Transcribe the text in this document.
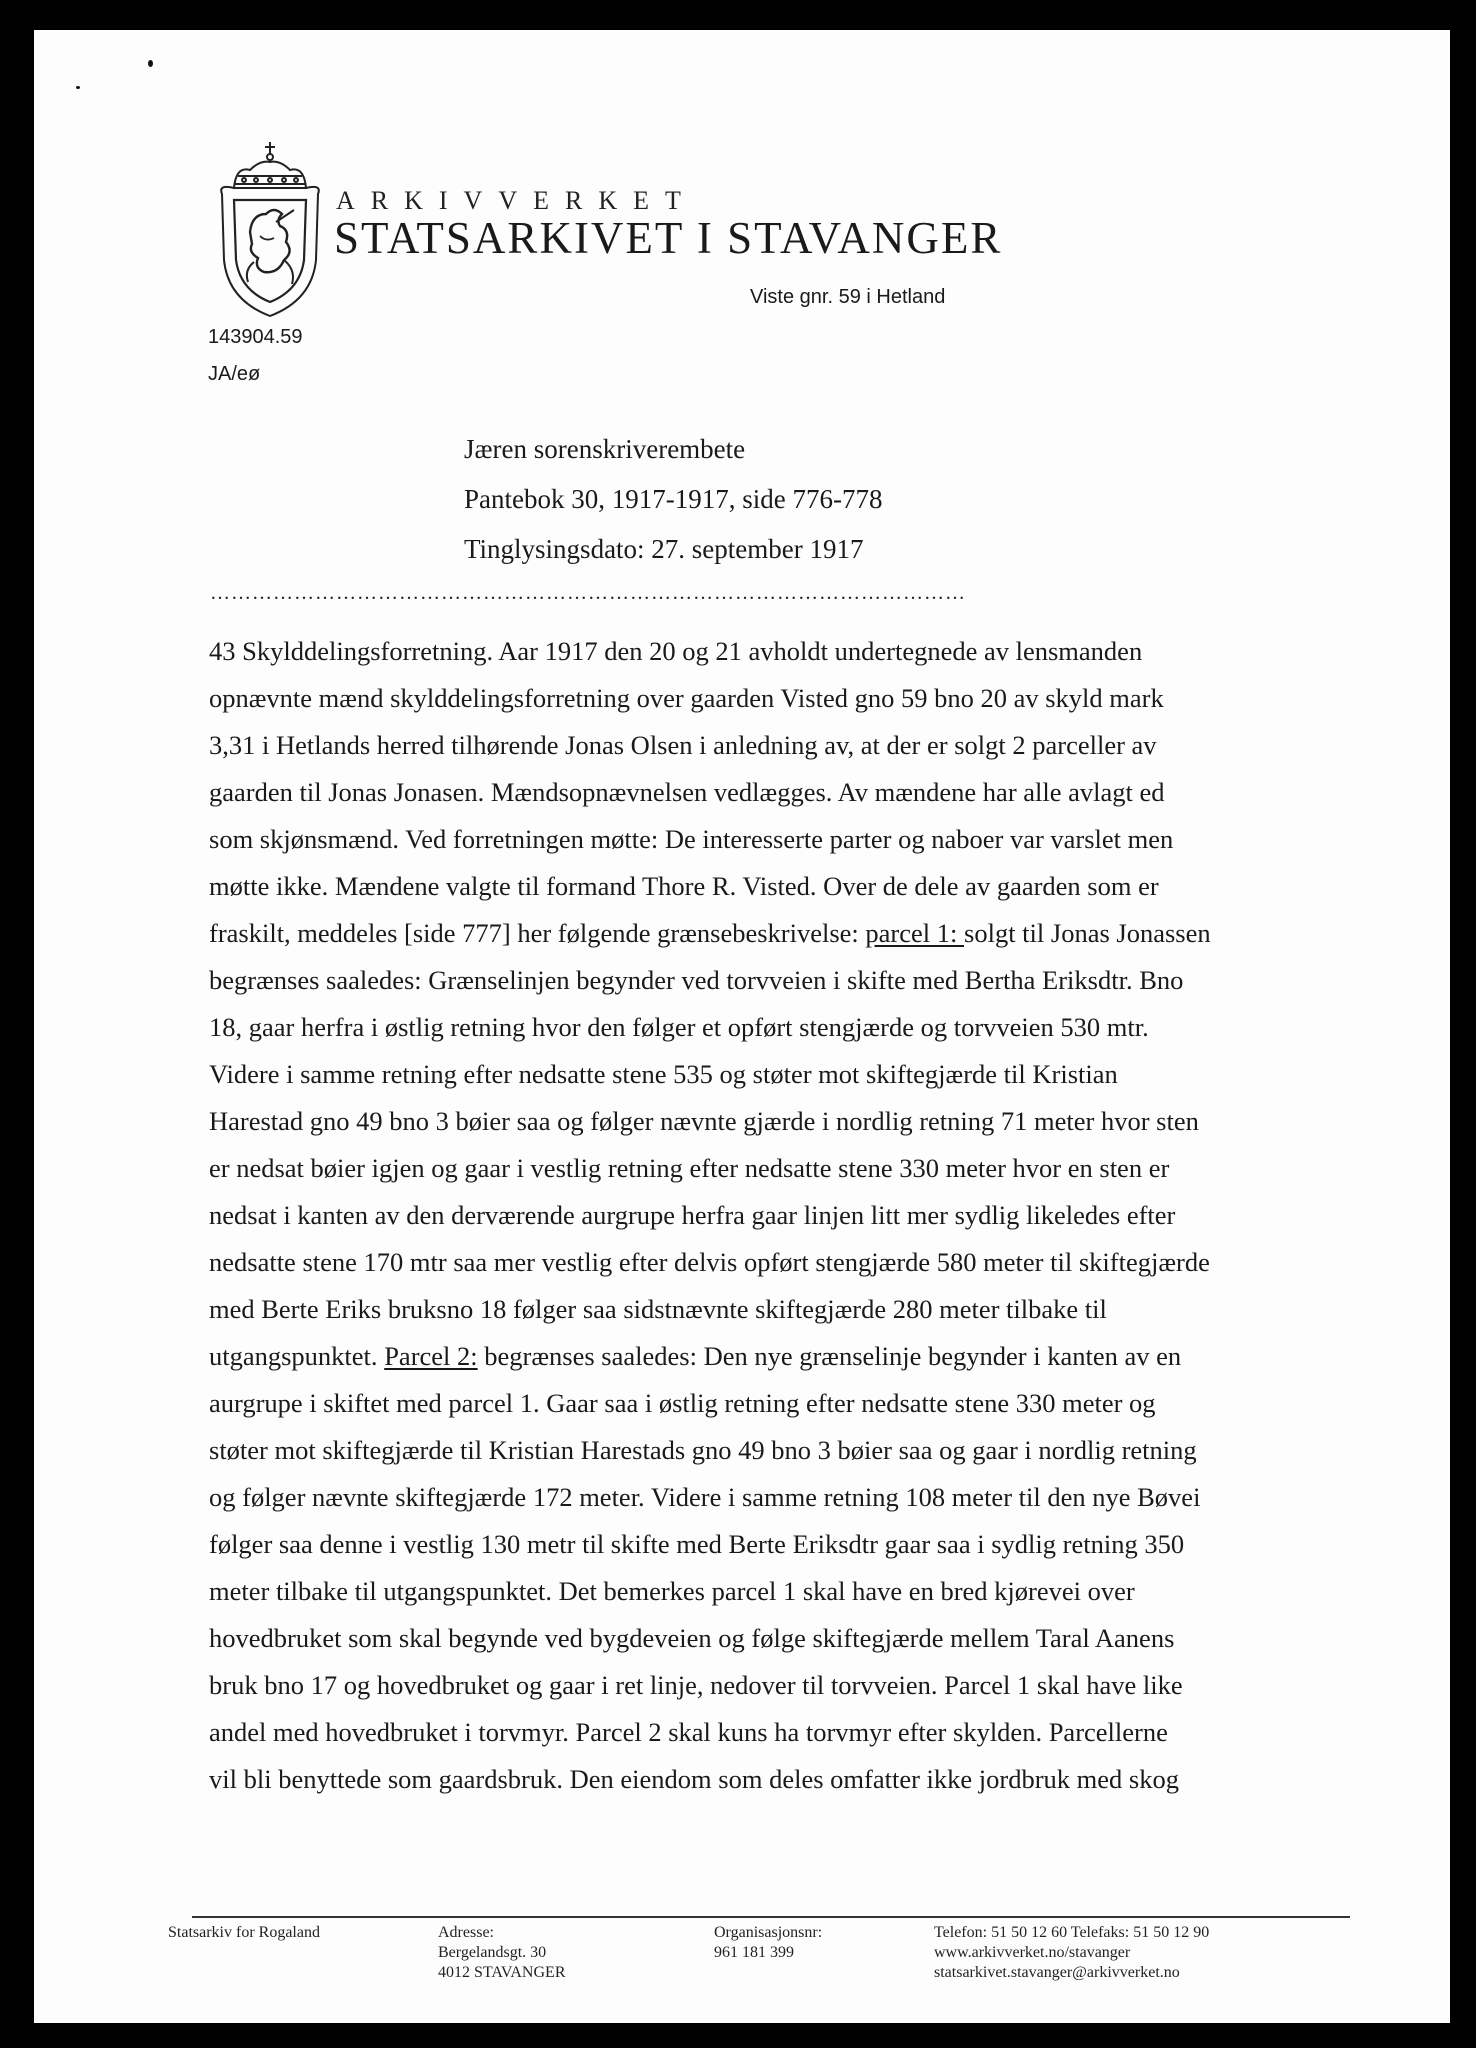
ARKIVVERKET
STATSARKIVET I STAVANGER
Viste gnr. 59 i Hetland
143904.59
JA/eø
Jæren sorenskriverembete
Pantebok 30, 1917-1917, side 776-778
Tinglysingsdato: 27. september 1917
………………………………………………………………………………………………
43 Skylddelingsforretning. Aar 1917 den 20 og 21 avholdt undertegnede av lensmanden
opnævnte mænd skylddelingsforretning over gaarden Visted gno 59 bno 20 av skyld mark
3,31 i Hetlands herred tilhørende Jonas Olsen i anledning av, at der er solgt 2 parceller av
gaarden til Jonas Jonasen. Mændsopnævnelsen vedlægges. Av mændene har alle avlagt ed
som skjønsmænd. Ved forretningen møtte: De interesserte parter og naboer var varslet men
møtte ikke. Mændene valgte til formand Thore R. Visted. Over de dele av gaarden som er
fraskilt, meddeles [side 777] her følgende grænsebeskrivelse: parcel 1: solgt til Jonas Jonassen
begrænses saaledes: Grænselinjen begynder ved torvveien i skifte med Bertha Eriksdtr. Bno
18, gaar herfra i østlig retning hvor den følger et opført stengjærde og torvveien 530 mtr.
Videre i samme retning efter nedsatte stene 535 og støter mot skiftegjærde til Kristian
Harestad gno 49 bno 3 bøier saa og følger nævnte gjærde i nordlig retning 71 meter hvor sten
er nedsat bøier igjen og gaar i vestlig retning efter nedsatte stene 330 meter hvor en sten er
nedsat i kanten av den derværende aurgrupe herfra gaar linjen litt mer sydlig likeledes efter
nedsatte stene 170 mtr saa mer vestlig efter delvis opført stengjærde 580 meter til skiftegjærde
med Berte Eriks bruksno 18 følger saa sidstnævnte skiftegjærde 280 meter tilbake til
utgangspunktet. Parcel 2: begrænses saaledes: Den nye grænselinje begynder i kanten av en
aurgrupe i skiftet med parcel 1. Gaar saa i østlig retning efter nedsatte stene 330 meter og
støter mot skiftegjærde til Kristian Harestads gno 49 bno 3 bøier saa og gaar i nordlig retning
og følger nævnte skiftegjærde 172 meter. Videre i samme retning 108 meter til den nye Bøvei
følger saa denne i vestlig 130 metr til skifte med Berte Eriksdtr gaar saa i sydlig retning 350
meter tilbake til utgangspunktet. Det bemerkes parcel 1 skal have en bred kjørevei over
hovedbruket som skal begynde ved bygdeveien og følge skiftegjærde mellem Taral Aanens
bruk bno 17 og hovedbruket og gaar i ret linje, nedover til torvveien. Parcel 1 skal have like
andel med hovedbruket i torvmyr. Parcel 2 skal kuns ha torvmyr efter skylden. Parcellerne
vil bli benyttede som gaardsbruk. Den eiendom som deles omfatter ikke jordbruk med skog
Statsarkiv for Rogaland	Adresse:
Bergelandsgt. 30
4012 STAVANGER
Organisasjonsnr:
961 181 399
Telefon: 51 50 12 60 Telefaks: 51 50 12 90
www.arkivverket.no/stavanger
statsarkivet.stavanger@arkivverket.no
